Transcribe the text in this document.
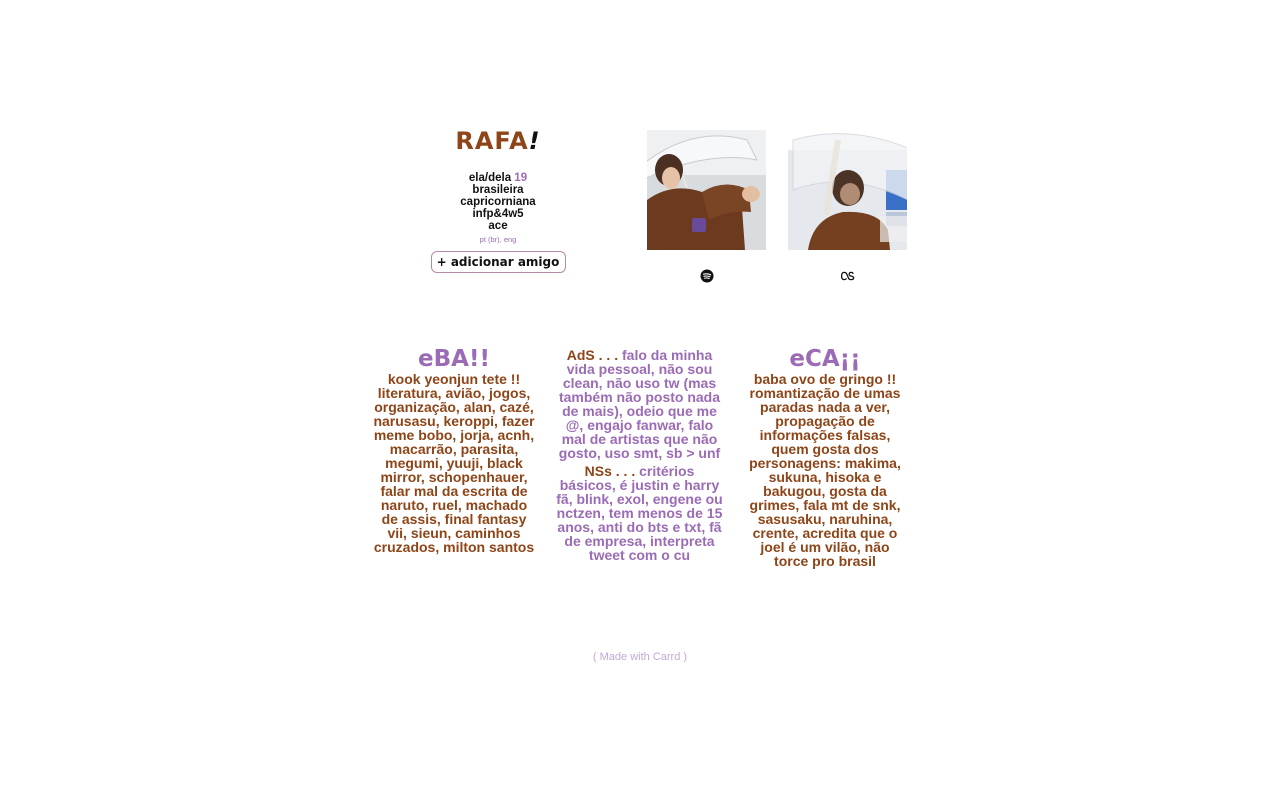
RAFA!
ela/dela 19
brasileira
capricorniana
infp&4w5
ace
pt (br), eng
+ adicionar amigo
eBA!!
kook yeonjun tete !! literatura, avião, jogos, organização, alan, cazé, narusasu, keroppi, fazer meme bobo, jorja, acnh, macarrão, parasita, megumi, yuuji, black mirror, schopenhauer, falar mal da escrita de naruto, ruel, machado de assis, final fantasy vii, sieun, caminhos cruzados, milton santos
AdS . . . falo da minha vida pessoal, não sou clean, não uso tw (mas também não posto nada de mais), odeio que me @, engajo fanwar, falo mal de artistas que não gosto, uso smt, sb > unf
NSs . . . critérios básicos, é justin e harry fã, blink, exol, engene ou nctzen, tem menos de 15 anos, anti do bts e txt, fã de empresa, interpreta tweet com o cu
eCA¡¡
baba ovo de gringo !! romantização de umas paradas nada a ver, propagação de informações falsas, quem gosta dos personagens: makima, sukuna, hisoka e bakugou, gosta da grimes, fala mt de snk, sasusaku, naruhina, crente, acredita que o joel é um vilão, não torce pro brasil
( Made with Carrd )
